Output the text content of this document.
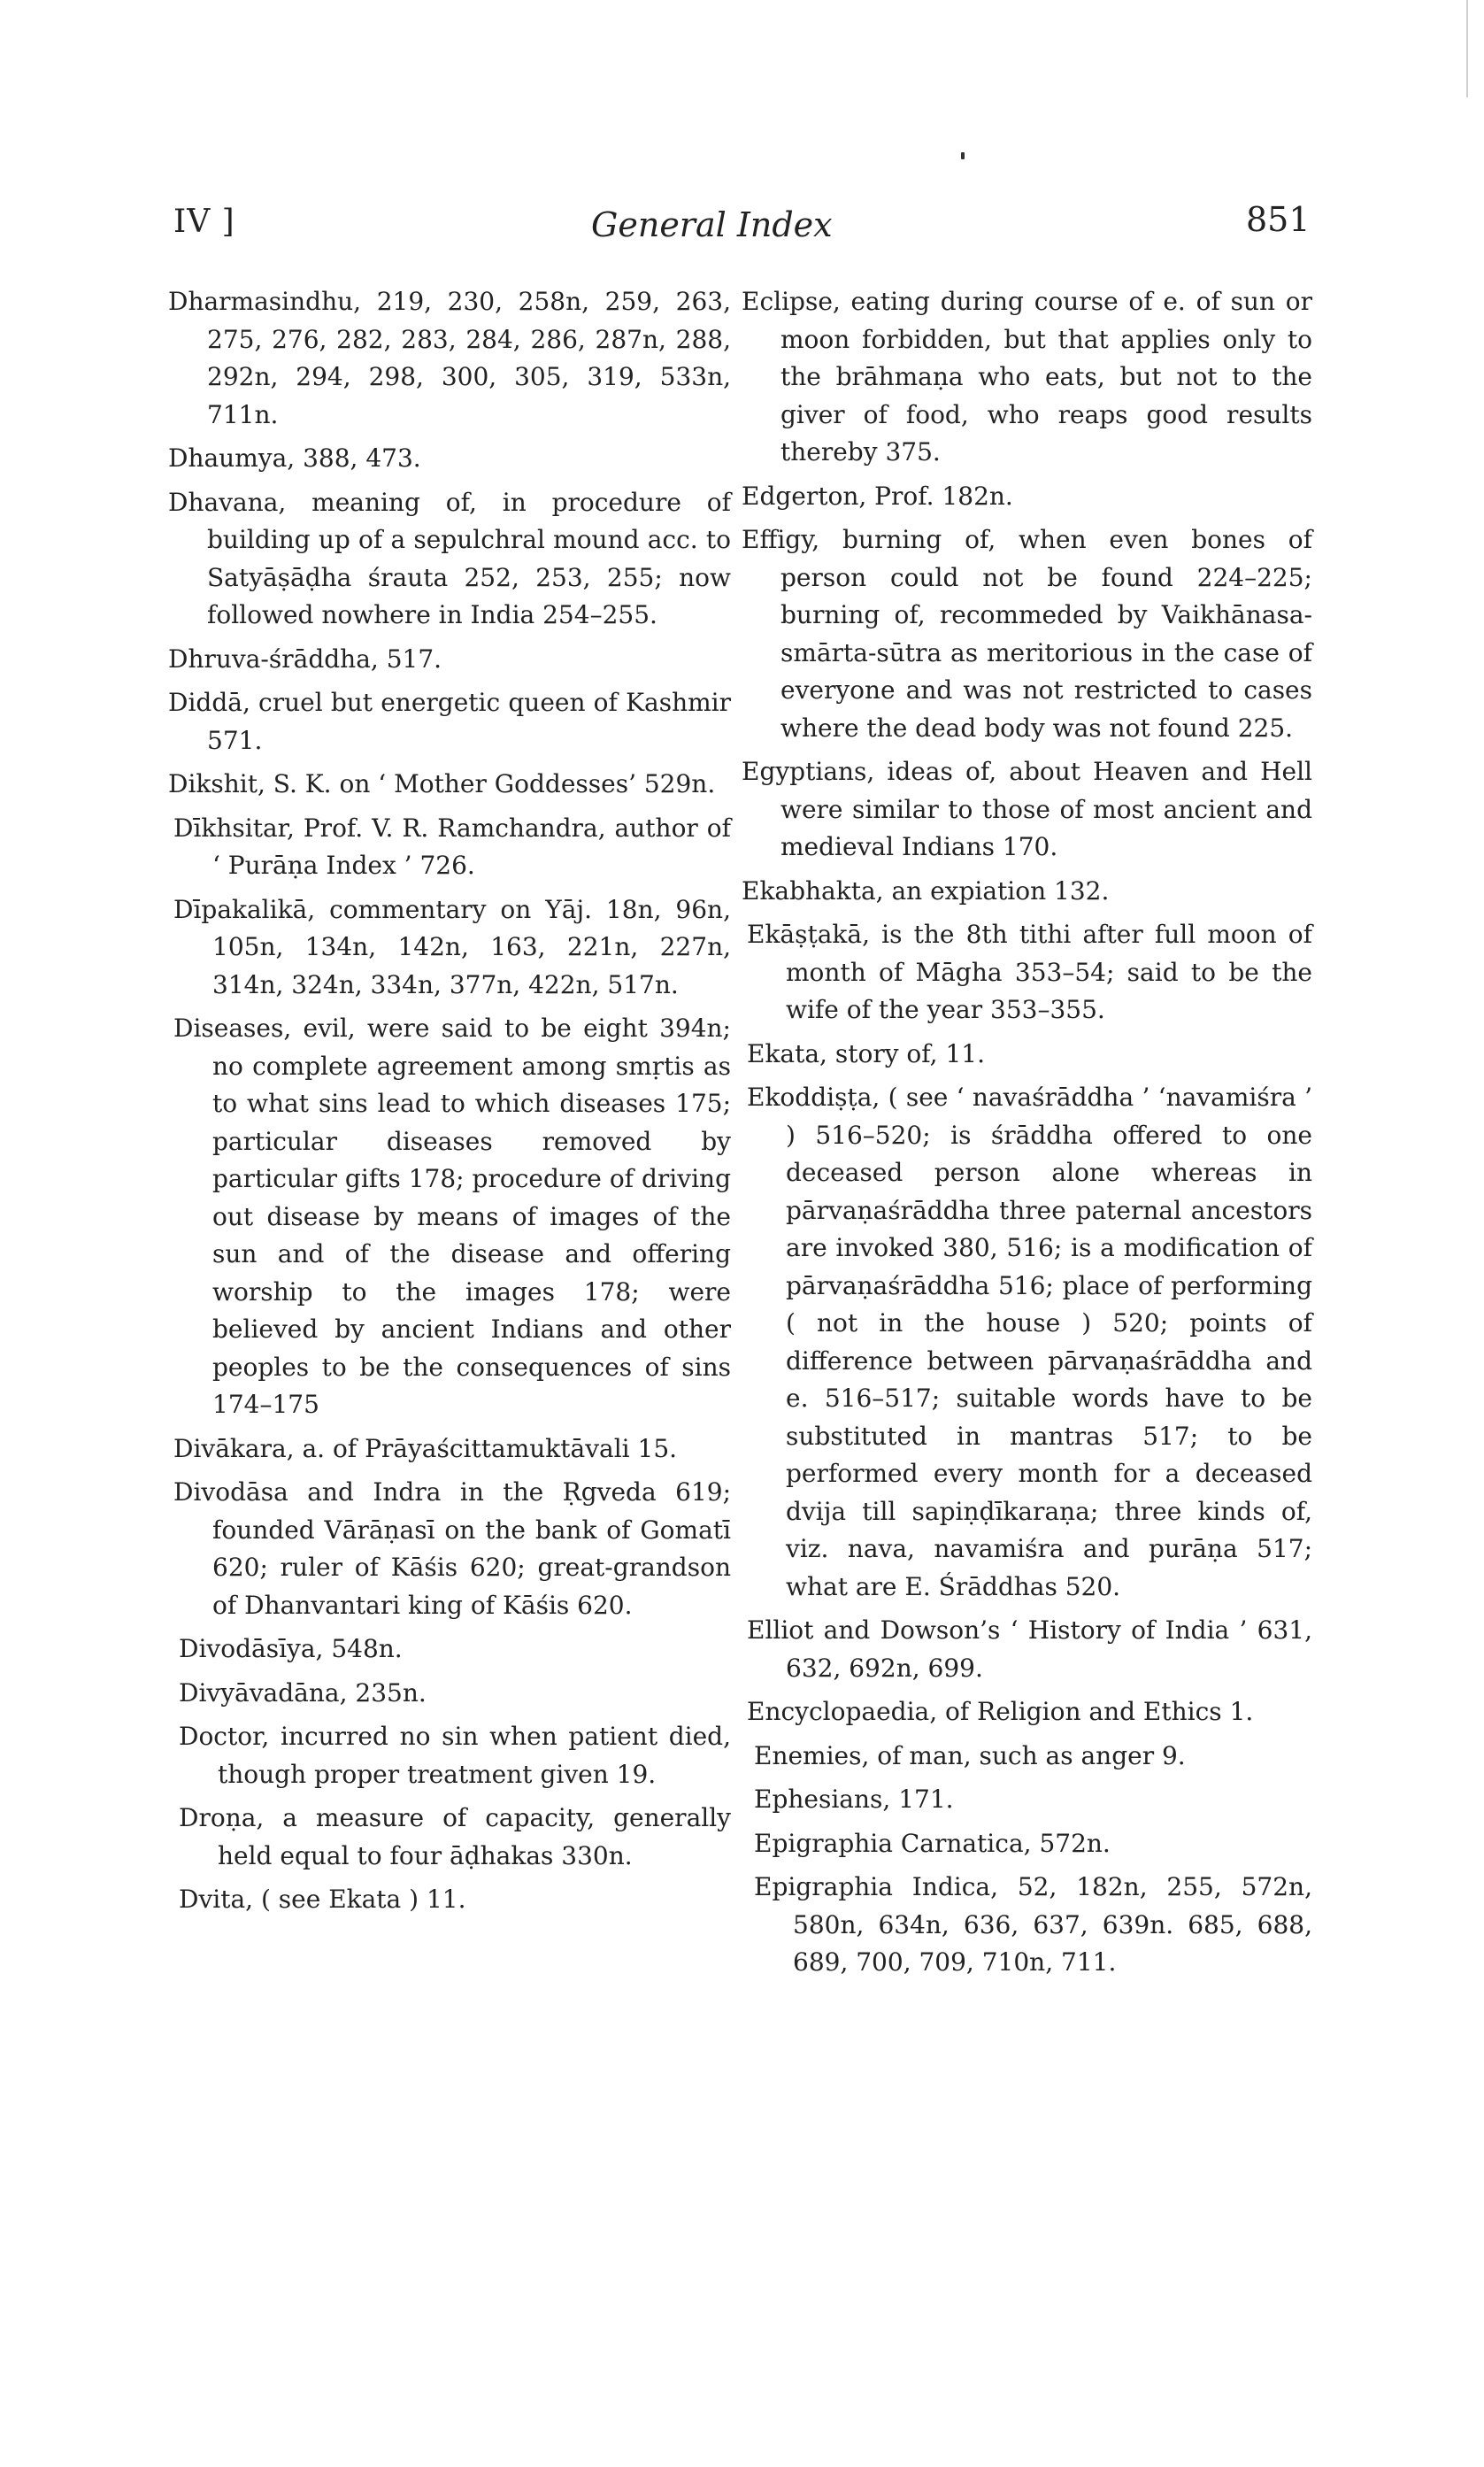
IV ]	General Index	851

Dharmasindhu, 219, 230, 258n, 259, 263, 275, 276, 282, 283, 284, 286, 287n, 288, 292n, 294, 298, 300, 305, 319, 533n, 711n.

Dhaumya, 388, 473.

Dhavana, meaning of, in procedure of building up of a sepulchral mound acc. to Satyāṣāḍha śrauta 252, 253, 255; now followed nowhere in India 254–255.

Dhruva-śrāddha, 517.

Diddā, cruel but energetic queen of Kashmir 571.

Dikshit, S. K. on ‘ Mother Goddesses’ 529n.

Dīkhsitar, Prof. V. R. Ramchandra, author of ‘ Purāṇa Index ’ 726.

Dīpakalikā, commentary on Yāj. 18n, 96n, 105n, 134n, 142n, 163, 221n, 227n, 314n, 324n, 334n, 377n, 422n, 517n.

Diseases, evil, were said to be eight 394n; no complete agreement among smṛtis as to what sins lead to which diseases 175; particular diseases removed by particular gifts 178; procedure of driving out disease by means of images of the sun and of the disease and offering worship to the images 178; were believed by ancient Indians and other peoples to be the consequences of sins 174–175

Divākara, a. of Prāyaścittamuktāvali 15.

Divodāsa and Indra in the Ṛgveda 619; founded Vārāṇasī on the bank of Gomatī 620; ruler of Kāśis 620; great-grandson of Dhanvantari king of Kāśis 620.

Divodāsīya, 548n.

Divyāvadāna, 235n.

Doctor, incurred no sin when patient died, though proper treatment given 19.

Droṇa, a measure of capacity, generally held equal to four āḍhakas 330n.

Dvita, ( see Ekata ) 11.

Eclipse, eating during course of e. of sun or moon forbidden, but that applies only to the brāhmaṇa who eats, but not to the giver of food, who reaps good results thereby 375.

Edgerton, Prof. 182n.

Effigy, burning of, when even bones of person could not be found 224–225; burning of, recommeded by Vaikhānasa-smārta-sūtra as meritorious in the case of everyone and was not restricted to cases where the dead body was not found 225.

Egyptians, ideas of, about Heaven and Hell were similar to those of most ancient and medieval Indians 170.

Ekabhakta, an expiation 132.

Ekāṣṭakā, is the 8th tithi after full moon of month of Māgha 353–54; said to be the wife of the year 353–355.

Ekata, story of, 11.

Ekoddiṣṭa, ( see ‘ navaśrāddha ’ ‘navamiśra ’ ) 516–520; is śrāddha offered to one deceased person alone whereas in pārvaṇaśrāddha three paternal ancestors are invoked 380, 516; is a modification of pārvaṇaśrāddha 516; place of performing ( not in the house ) 520; points of difference between pārvaṇaśrāddha and e. 516–517; suitable words have to be substituted in mantras 517; to be performed every month for a deceased dvija till sapiṇḍīkaraṇa; three kinds of, viz. nava, navamiśra and purāṇa 517; what are E. Śrāddhas 520.

Elliot and Dowson’s ‘ History of India ’ 631, 632, 692n, 699.

Encyclopaedia, of Religion and Ethics 1.

Enemies, of man, such as anger 9.

Ephesians, 171.

Epigraphia Carnatica, 572n.

Epigraphia Indica, 52, 182n, 255, 572n, 580n, 634n, 636, 637, 639n. 685, 688, 689, 700, 709, 710n, 711.
